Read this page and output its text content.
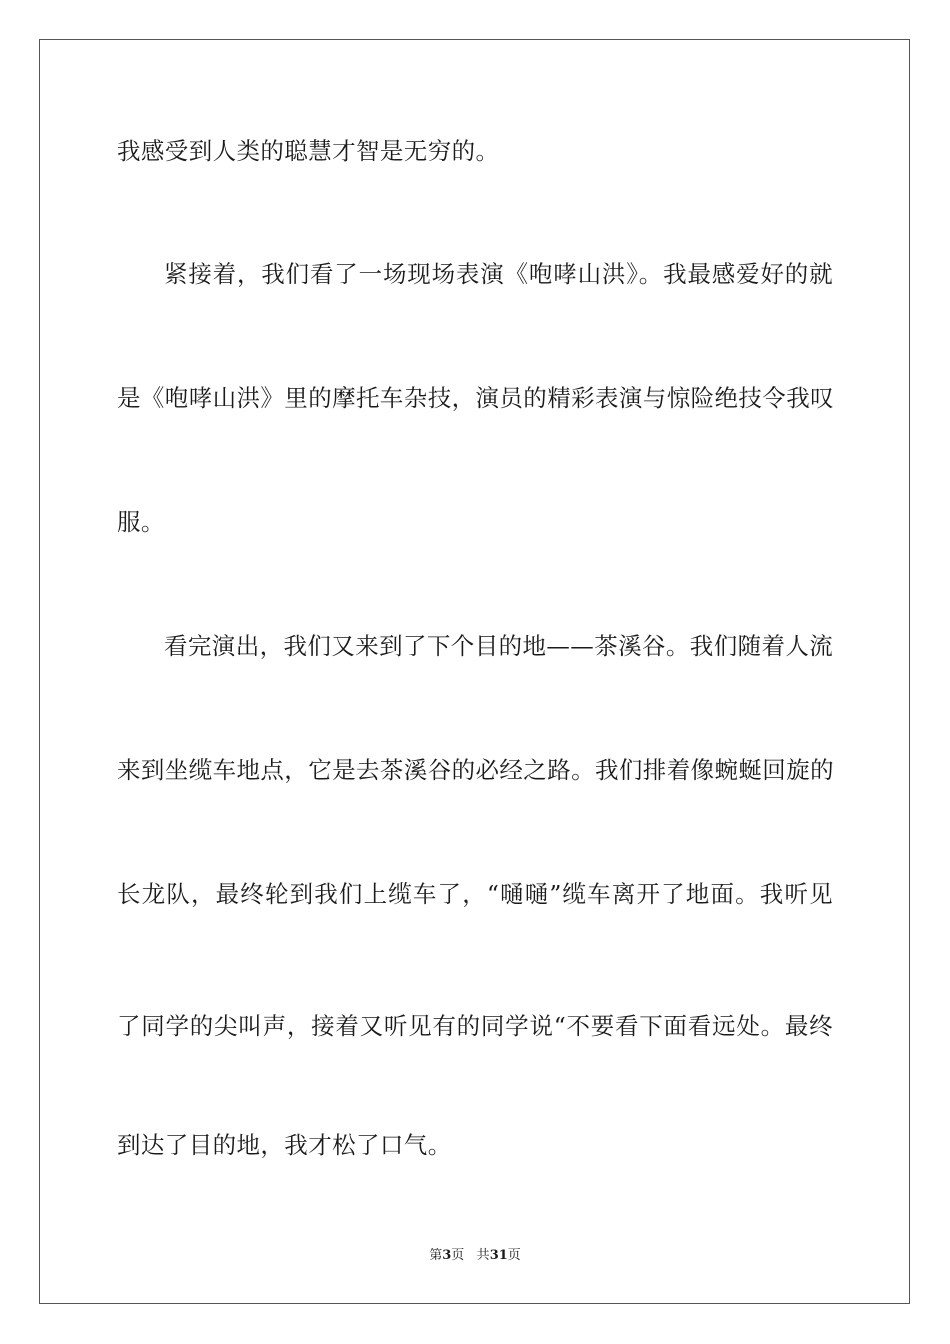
我感受到人类的聪慧才智是无穷的。
紧接着，我们看了一场现场表演《咆哮山洪》。我最感爱好的就
是《咆哮山洪》里的摩托车杂技，演员的精彩表演与惊险绝技令我叹
服。
看完演出，我们又来到了下个目的地——茶溪谷。我们随着人流
来到坐缆车地点，它是去茶溪谷的必经之路。我们排着像蜿蜒回旋的
长龙队，最终轮到我们上缆车了，“嗵嗵”缆车离开了地面。我听见
了同学的尖叫声，接着又听见有的同学说“不要看下面看远处。最终
到达了目的地，我才松了口气。
第3页 共31页
